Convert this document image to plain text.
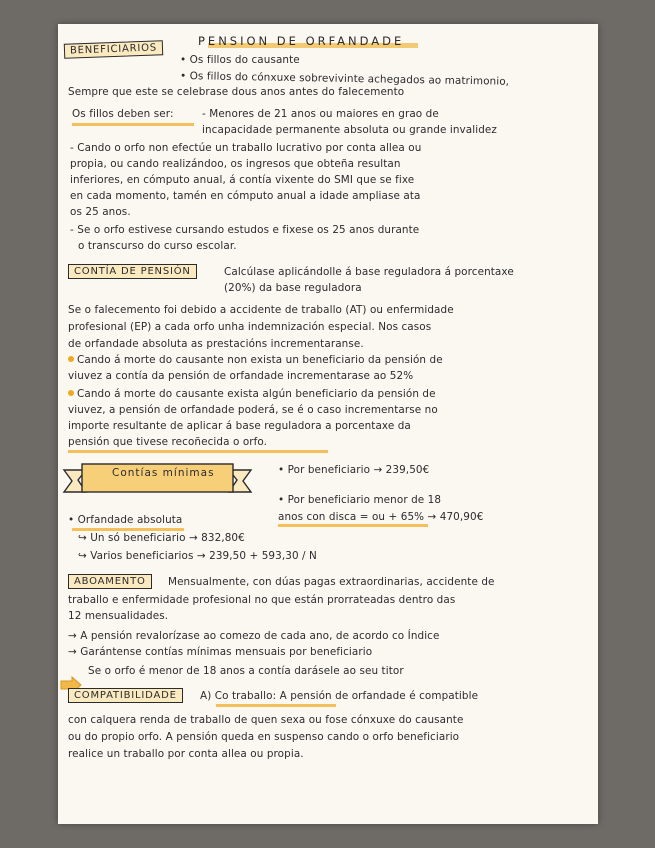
PENSION DE ORFANDADE
BENEFICIARIOS
• Os fillos do causante
• Os fillos do cónxuxe sobrevivinte achegados ao matrimonio,
Sempre que este se celebrase dous anos antes do falecemento
Os fillos deben ser:	- Menores de 21 anos ou maiores en grao de
incapacidade permanente absoluta ou grande invalidez
- Cando o orfo non efectúe un traballo lucrativo por conta allea ou
propia, ou cando realizándoo, os ingresos que obteña resultan
inferiores, en cómputo anual, á contía vixente do SMI que se fixe
en cada momento, tamén en cómputo anual a idade ampliase ata
os 25 anos.
- Se o orfo estivese cursando estudos e fixese os 25 anos durante
o transcurso do curso escolar.
CONTÍA DE PENSIÓN	Calcúlase aplicándolle á base reguladora á porcentaxe
(20%) da base reguladora
Se o falecemento foi debido a accidente de traballo (AT) ou enfermidade
profesional (EP) a cada orfo unha indemnización especial. Nos casos
de orfandade absoluta as prestacións incrementaranse.
Cando á morte do causante non exista un beneficiario da pensión de
viuvez a contía da pensión de orfandade incrementarase ao 52%
Cando á morte do causante exista algún beneficiario da pensión de
viuvez, a pensión de orfandade poderá, se é o caso incrementarse no
importe resultante de aplicar á base reguladora a porcentaxe da
pensión que tivese recoñecida o orfo.
Contías mínimas	• Por beneficiario → 239,50€
• Por beneficiario menor de 18
anos con disca = ou + 65% → 470,90€
• Orfandade absoluta
↪ Un só beneficiario → 832,80€
↪ Varios beneficiarios → 239,50 + 593,30 / N
ABOAMENTO	Mensualmente, con dúas pagas extraordinarias, accidente de
traballo e enfermidade profesional no que están prorrateadas dentro das
12 mensualidades.
→ A pensión revalorízase ao comezo de cada ano, de acordo co Índice
→ Garántense contías mínimas mensuais por beneficiario
Se o orfo é menor de 18 anos a contía darásele ao seu titor
COMPATIBILIDADE	A) Co traballo: A pensión de orfandade é compatible
con calquera renda de traballo de quen sexa ou fose cónxuxe do causante
ou do propio orfo. A pensión queda en suspenso cando o orfo beneficiario
realice un traballo por conta allea ou propia.
